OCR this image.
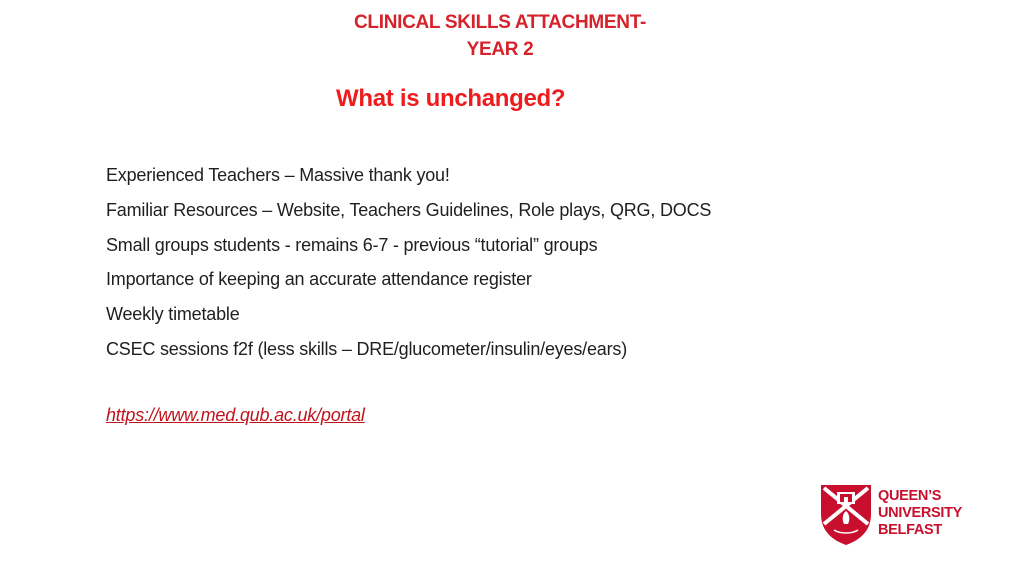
CLINICAL SKILLS ATTACHMENT-
YEAR 2
What is unchanged?
Experienced Teachers – Massive thank you!
Familiar Resources – Website, Teachers Guidelines, Role plays, QRG, DOCS
Small groups students - remains 6-7 - previous “tutorial” groups
Importance of keeping an accurate attendance register
Weekly timetable
CSEC sessions f2f (less skills – DRE/glucometer/insulin/eyes/ears)
https://www.med.qub.ac.uk/portal
QUEEN’S
UNIVERSITY
BELFAST
